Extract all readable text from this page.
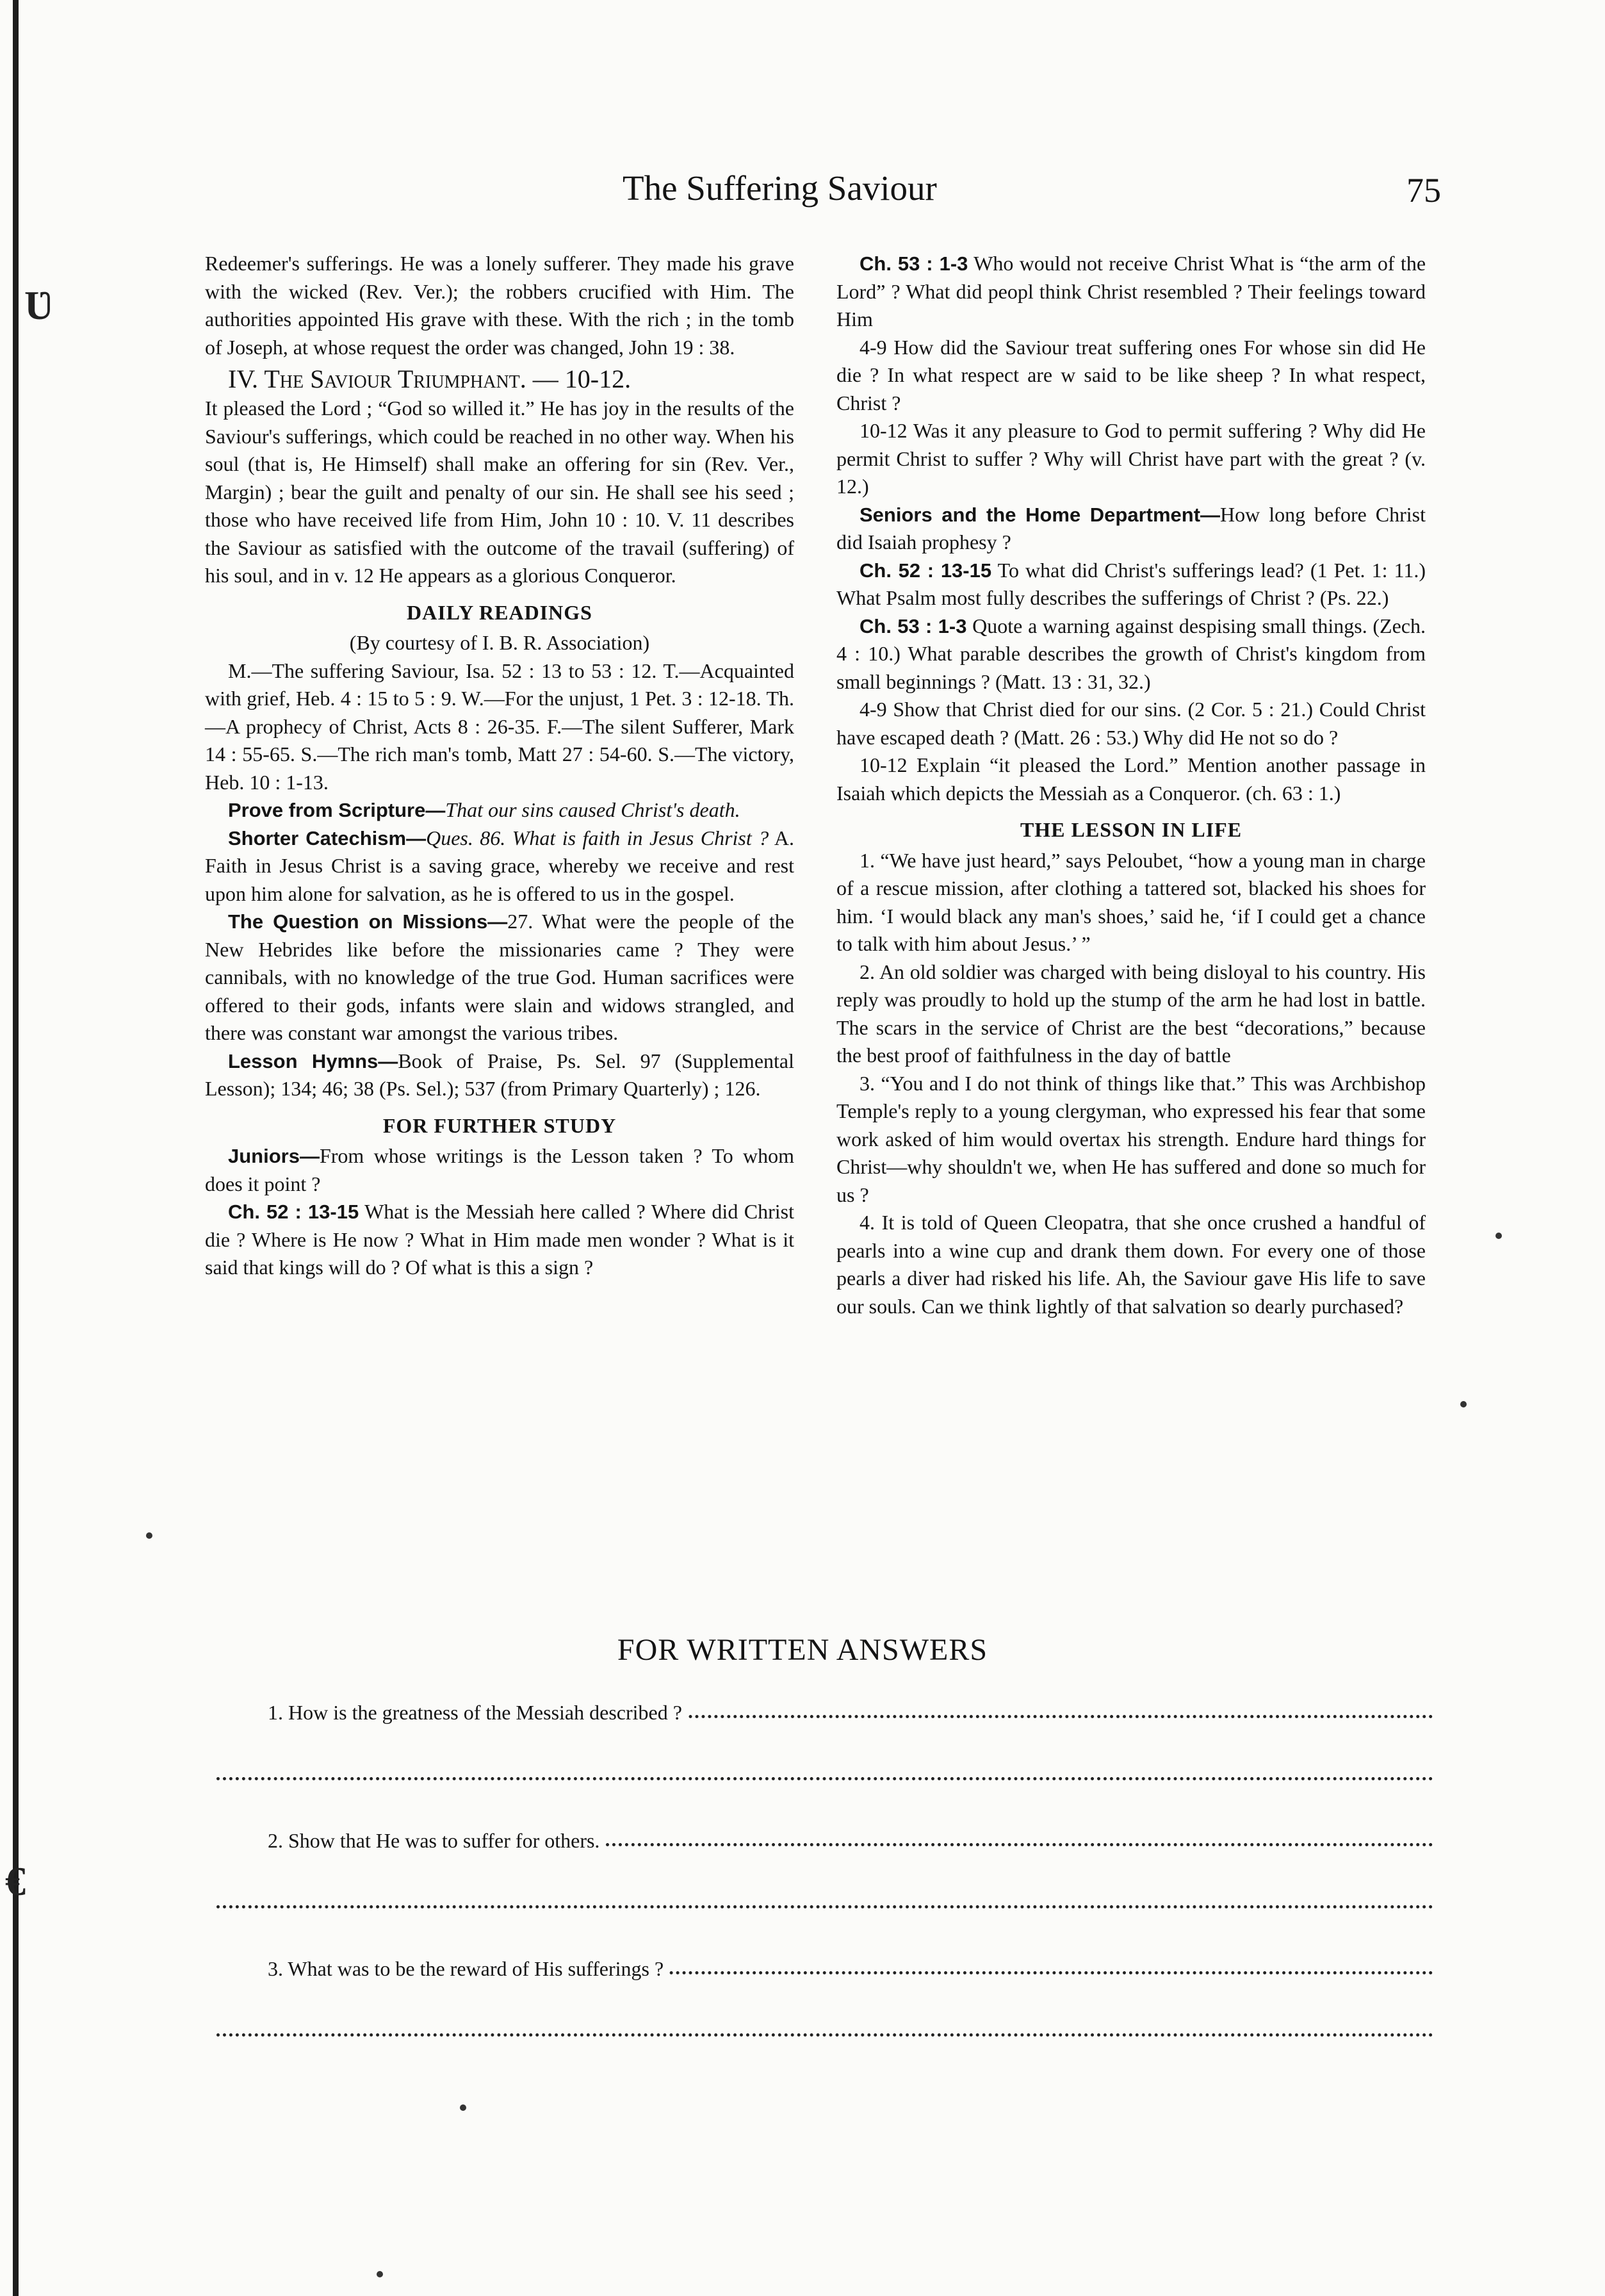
Ʋ
€
The Suffering Saviour	75

Redeemer's sufferings. He was a lonely sufferer. They made his grave with the wicked (Rev. Ver.); the robbers crucified with Him. The authorities appointed His grave with these. With the rich ; in the tomb of Joseph, at whose request the order was changed, John 19 : 38.

IV. The Saviour Triumphant. — 10-12.

It pleased the Lord ; “God so willed it.” He has joy in the results of the Saviour's sufferings, which could be reached in no other way. When his soul (that is, He Himself) shall make an offering for sin (Rev. Ver., Margin) ; bear the guilt and penalty of our sin. He shall see his seed ; those who have received life from Him, John 10 : 10. V. 11 describes the Saviour as satisfied with the outcome of the travail (suffering) of his soul, and in v. 12 He appears as a glorious Conqueror.

DAILY READINGS

(By courtesy of I. B. R. Association)

M.—The suffering Saviour, Isa. 52 : 13 to 53 : 12. T.—Acquainted with grief, Heb. 4 : 15 to 5 : 9. W.—For the unjust, 1 Pet. 3 : 12-18. Th.—A prophecy of Christ, Acts 8 : 26-35. F.—The silent Sufferer, Mark 14 : 55-65. S.—The rich man's tomb, Matt 27 : 54-60. S.—The victory, Heb. 10 : 1-13.

Prove from Scripture—That our sins caused Christ's death.

Shorter Catechism—Ques. 86. What is faith in Jesus Christ ? A. Faith in Jesus Christ is a saving grace, whereby we receive and rest upon him alone for salvation, as he is offered to us in the gospel.

The Question on Missions—27. What were the people of the New Hebrides like before the missionaries came ? They were cannibals, with no knowledge of the true God. Human sacrifices were offered to their gods, infants were slain and widows strangled, and there was constant war amongst the various tribes.

Lesson Hymns—Book of Praise, Ps. Sel. 97 (Supplemental Lesson); 134; 46; 38 (Ps. Sel.); 537 (from Primary Quarterly) ; 126.

FOR FURTHER STUDY

Juniors—From whose writings is the Lesson taken ? To whom does it point ?

Ch. 52 : 13-15 What is the Messiah here called ? Where did Christ die ? Where is He now ? What in Him made men wonder ? What is it said that kings will do ? Of what is this a sign ?

Ch. 53 : 1-3 Who would not receive Christ What is “the arm of the Lord” ? What did peopl think Christ resembled ? Their feelings toward Him

4-9 How did the Saviour treat suffering ones For whose sin did He die ? In what respect are w said to be like sheep ? In what respect, Christ ?

10-12 Was it any pleasure to God to permit suffering ? Why did He permit Christ to suffer ? Why will Christ have part with the great ? (v. 12.)

Seniors and the Home Department—How long before Christ did Isaiah prophesy ?

Ch. 52 : 13-15 To what did Christ's sufferings lead? (1 Pet. 1: 11.) What Psalm most fully describes the sufferings of Christ ? (Ps. 22.)

Ch. 53 : 1-3 Quote a warning against despising small things. (Zech. 4 : 10.) What parable describes the growth of Christ's kingdom from small beginnings ? (Matt. 13 : 31, 32.)

4-9 Show that Christ died for our sins. (2 Cor. 5 : 21.) Could Christ have escaped death ? (Matt. 26 : 53.) Why did He not so do ?

10-12 Explain “it pleased the Lord.” Mention another passage in Isaiah which depicts the Messiah as a Conqueror. (ch. 63 : 1.)

THE LESSON IN LIFE

1. “We have just heard,” says Peloubet, “how a young man in charge of a rescue mission, after clothing a tattered sot, blacked his shoes for him. ‘I would black any man's shoes,’ said he, ‘if I could get a chance to talk with him about Jesus.’ ”

2. An old soldier was charged with being disloyal to his country. His reply was proudly to hold up the stump of the arm he had lost in battle. The scars in the service of Christ are the best “decorations,” because the best proof of faithfulness in the day of battle

3. “You and I do not think of things like that.” This was Archbishop Temple's reply to a young clergyman, who expressed his fear that some work asked of him would overtax his strength. Endure hard things for Christ—why shouldn't we, when He has suffered and done so much for us ?

4. It is told of Queen Cleopatra, that she once crushed a handful of pearls into a wine cup and drank them down. For every one of those pearls a diver had risked his life. Ah, the Saviour gave His life to save our souls. Can we think lightly of that salvation so dearly purchased?

FOR WRITTEN ANSWERS
1. How is the greatness of the Messiah described ?
2. Show that He was to suffer for others.
3. What was to be the reward of His sufferings ?
